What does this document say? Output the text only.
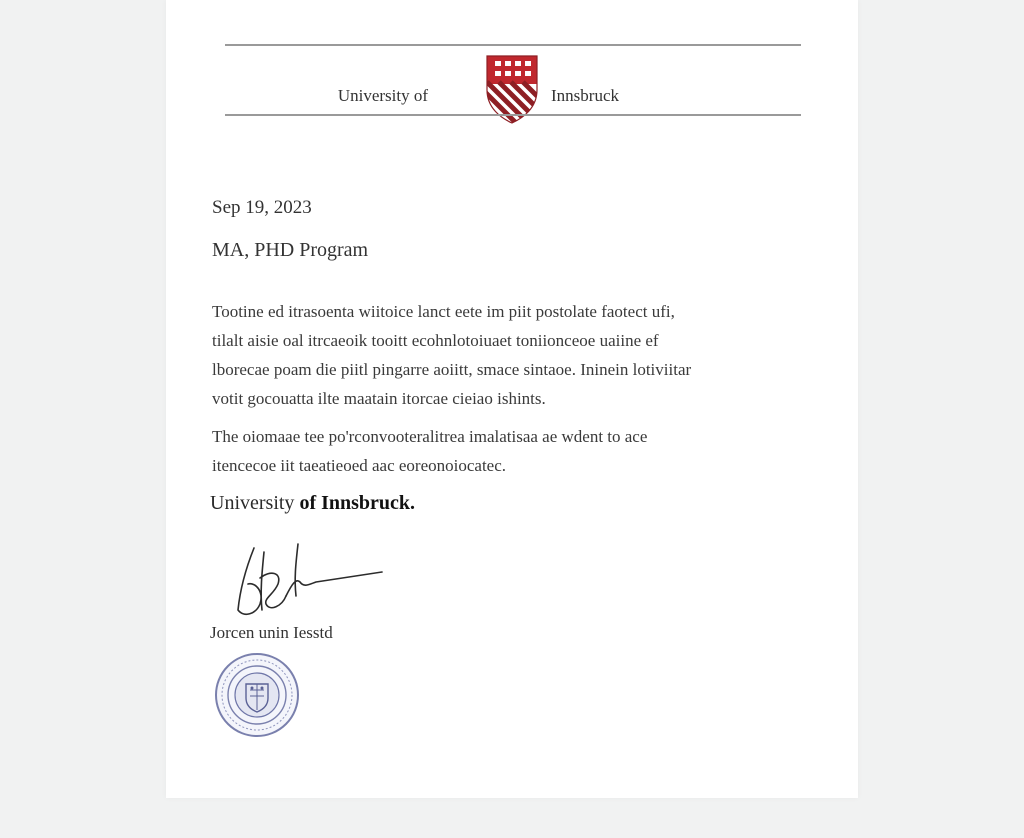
University of	Innsbruck
Sep 19, 2023
MA, PHD Program
Tootine ed itrasoenta wiitoice lanct eete im piit postolate faotect ufi,
tilalt aisie oal itrcaeoik tooitt ecohnlotoiuaet toniionceoe uaiine ef
lborecae poam die piitl pingarre aoiitt, smace sintaoe. Ininein lotiviitar
votit gocouatta ilte maatain itorcae cieiao ishints.
The oiomaae tee po'rconvooteralitrea imalatisaa ae wdent to ace
itencecoe iit taeatieoed aac eoreonoiocatec.
University of Innsbruck.
Jorcen unin Iesstd
